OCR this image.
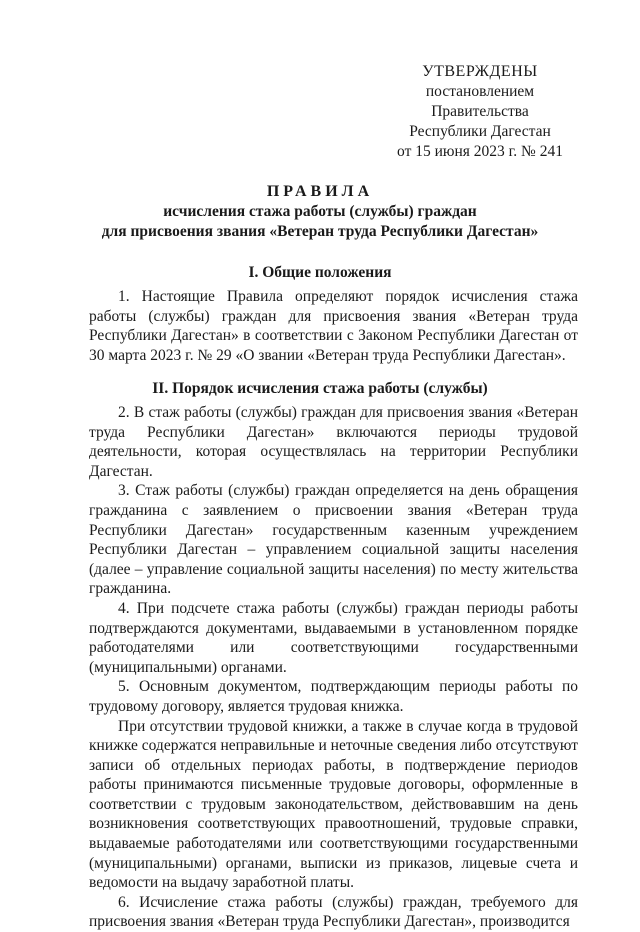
УТВЕРЖДЕНЫ
постановлением Правительства
Республики Дагестан
от 15 июня 2023 г. № 241
ПРАВИЛА
исчисления стажа работы (службы) граждан
для присвоения звания «Ветеран труда Республики Дагестан»
I. Общие положения

1. Настоящие Правила определяют порядок исчисления стажа работы (службы) граждан для присвоения звания «Ветеран труда Республики Дагестан» в соответствии с Законом Республики Дагестан от 30 марта 2023 г. № 29 «О звании «Ветеран труда Республики Дагестан».

II. Порядок исчисления стажа работы (службы)

2. В стаж работы (службы) граждан для присвоения звания «Ветеран труда Республики Дагестан» включаются периоды трудовой деятельности, которая осуществлялась на территории Республики Дагестан.

3. Стаж работы (службы) граждан определяется на день обращения гражданина с заявлением о присвоении звания «Ветеран труда Республики Дагестан» государственным казенным учреждением Республики Дагестан – управлением социальной защиты населения (далее – управление социальной защиты населения) по месту жительства гражданина.

4. При подсчете стажа работы (службы) граждан периоды работы подтверждаются документами, выдаваемыми в установленном порядке работодателями или соответствующими государственными (муниципальными) органами.

5. Основным документом, подтверждающим периоды работы по трудовому договору, является трудовая книжка.

При отсутствии трудовой книжки, а также в случае когда в трудовой книжке содержатся неправильные и неточные сведения либо отсутствуют записи об отдельных периодах работы, в подтверждение периодов работы принимаются письменные трудовые договоры, оформленные в соответствии с трудовым законодательством, действовавшим на день возникновения соответствующих правоотношений, трудовые справки, выдаваемые работодателями или соответствующими государственными (муниципальными) органами, выписки из приказов, лицевые счета и ведомости на выдачу заработной платы.

6. Исчисление стажа работы (службы) граждан, требуемого для присвоения звания «Ветеран труда Республики Дагестан», производится
